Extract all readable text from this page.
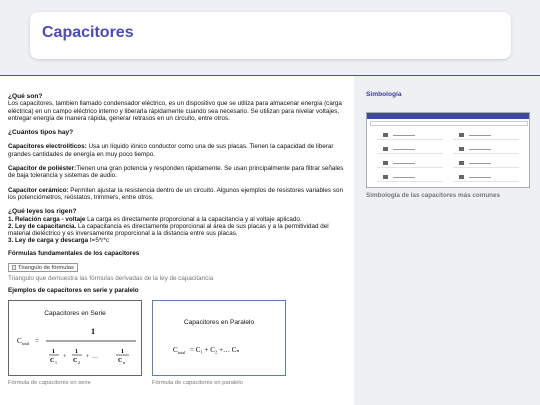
Capacitores
¿Qué son?

Los capacitores, tambien llamado condensador eléctrico, es un dispositivo que se utiliza para almacenar energía (carga eléctrica) en un campo eléctrico interno y liberarla rápidamente cuando sea necesario. Se utilizan para nivelar voltajes, entregar energía de manera rápida, generar retrasos en un circuito, entre otros.

¿Cuántos tipos hay?

Capacitores electrolíticos: Usa un líquido iónico conductor como una de sus placas. Tienen la capacidad de liberar grandes cantidades de energía en muy poco tiempo.

Capacitor de poliéster:Tienen una gran potencia y responden rápidamente. Se usan principalmente para filtrar señales de baja tolerancia y sistemas de audio.

Capacitor cerámico: Permiten ajustar la resistencia dentro de un circuito. Algunos ejemplos de resistores variables son los potenciómetros, reóstatos, trimmers, entre otros.

¿Qué leyes los rigen?

1. Relación carga - voltaje La carga es directamente proporcional a la capacitancia y al voltaje aplicado.

2. Ley de capacitancia. La capacitancia es directamente proporcional al área de sus placas y a la permitividad del material dieléctrico y es inversamente proporcional a la distancia entre sus placas.

3. Ley de carga y descarga t=5*r*c

Fórmulas fundamentales de los capacitores
Triangulo de fórmulas

Triangulo que demuestra las fórmulas derivadas de la ley de capacitancia

Ejemplos de capacitores en serie y paralelo
Capacitores en Serie
C total =
1
1
C 1
+
1
C 2
+ …
1
C n
Capacitores en Paralelo
C total = C₁ + C₂ +… Cₙ
Fórmula de capacitores en serie	Fórmula de capacitores en paralelo
Simbología
Simbología de las capacitores más comunes
